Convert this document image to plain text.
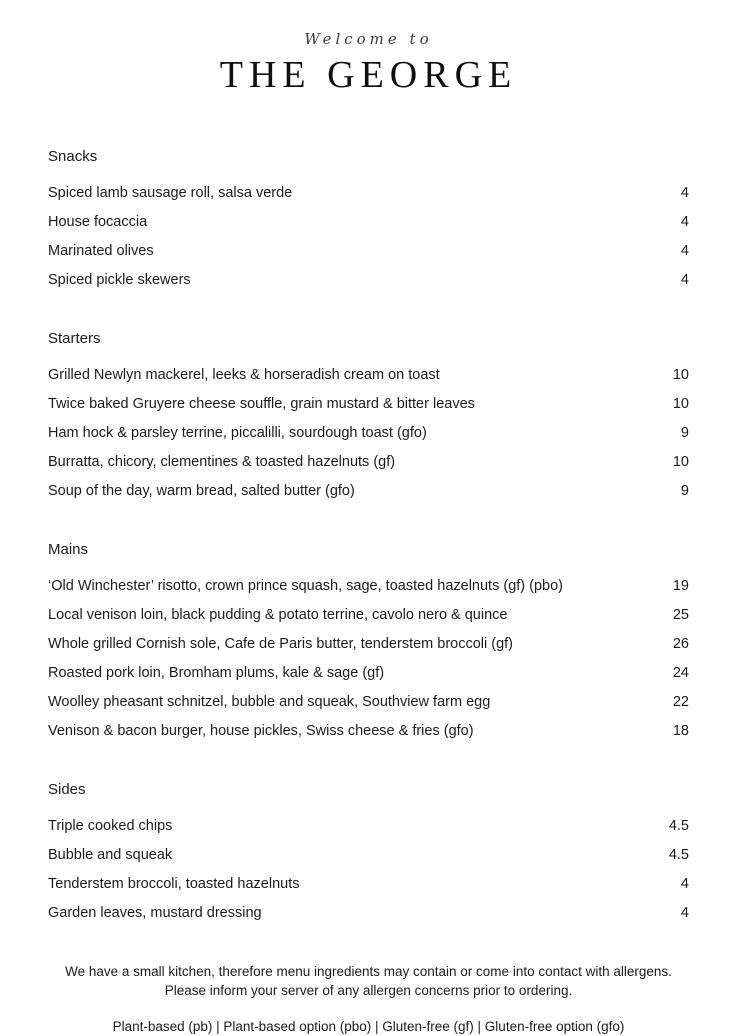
Welcome to
THE GEORGE
Snacks
Spiced lamb sausage roll, salsa verde	4
House focaccia	4
Marinated olives	4
Spiced pickle skewers	4
Starters
Grilled Newlyn mackerel, leeks & horseradish cream on toast	10
Twice baked Gruyere cheese souffle, grain mustard & bitter leaves	10
Ham hock & parsley terrine, piccalilli, sourdough toast (gfo)	9
Burratta, chicory, clementines & toasted hazelnuts (gf)	10
Soup of the day, warm bread, salted butter (gfo)	9
Mains
‘Old Winchester’ risotto, crown prince squash, sage, toasted hazelnuts (gf) (pbo)	19
Local venison loin, black pudding & potato terrine, cavolo nero & quince	25
Whole grilled Cornish sole, Cafe de Paris butter, tenderstem broccoli (gf)	26
Roasted pork loin, Bromham plums, kale & sage (gf)	24
Woolley pheasant schnitzel, bubble and squeak, Southview farm egg	22
Venison & bacon burger, house pickles, Swiss cheese & fries (gfo)	18
Sides
Triple cooked chips	4.5
Bubble and squeak	4.5
Tenderstem broccoli, toasted hazelnuts	4
Garden leaves, mustard dressing	4
We have a small kitchen, therefore menu ingredients may contain or come into contact with allergens.
Please inform your server of any allergen concerns prior to ordering.
Plant-based (pb) | Plant-based option (pbo) | Gluten-free (gf) | Gluten-free option (gfo)
